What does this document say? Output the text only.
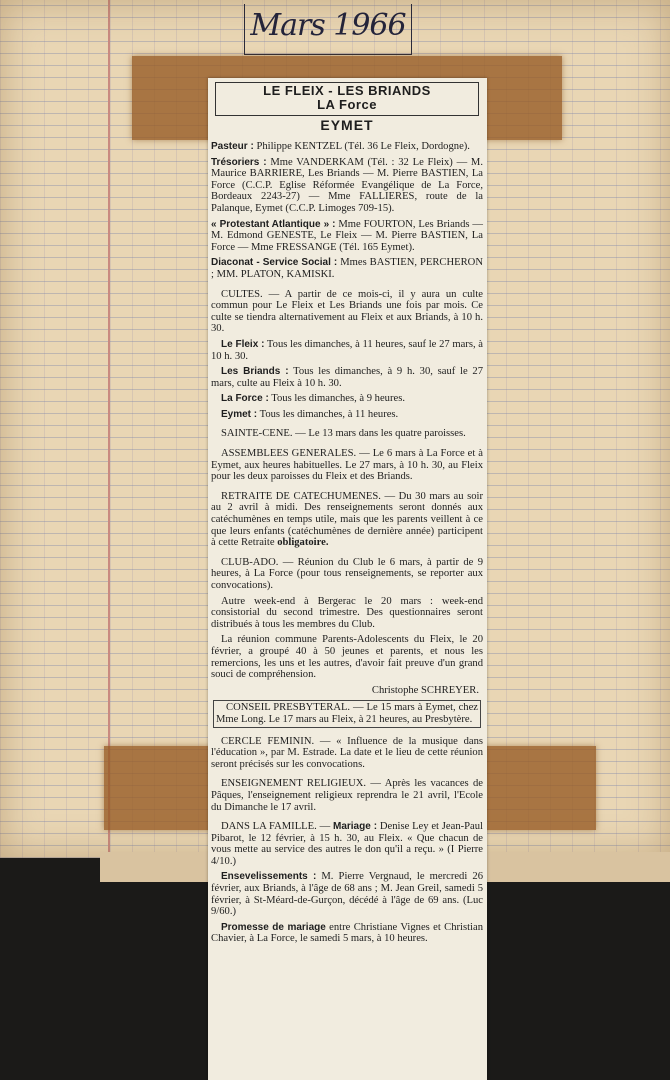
Mars 1966
LE FLEIX - LES BRIANDS
LA Force
EYMET

Pasteur : Philippe KENTZEL (Tél. 36 Le Fleix, Dordogne).

Trésoriers : Mme VANDERKAM (Tél. : 32 Le Fleix) — M. Maurice BARRIERE, Les Briands — M. Pierre BASTIEN, La Force (C.C.P. Eglise Réformée Evangélique de La Force, Bordeaux 2243-27) — Mme FALLIERES, route de la Palanque, Eymet (C.C.P. Limoges 709-15).

« Protestant Atlantique » : Mme FOURTON, Les Briands — M. Edmond GENESTE, Le Fleix — M. Pierre BASTIEN, La Force — Mme FRESSANGE (Tél. 165 Eymet).

Diaconat - Service Social : Mmes BASTIEN, PERCHERON ; MM. PLATON, KAMISKI.

CULTES. — A partir de ce mois-ci, il y aura un culte commun pour Le Fleix et Les Briands une fois par mois. Ce culte se tiendra alternativement au Fleix et aux Briands, à 10 h. 30.

Le Fleix : Tous les dimanches, à 11 heures, sauf le 27 mars, à 10 h. 30.

Les Briands : Tous les dimanches, à 9 h. 30, sauf le 27 mars, culte au Fleix à 10 h. 30.

La Force : Tous les dimanches, à 9 heures.

Eymet : Tous les dimanches, à 11 heures.

SAINTE-CENE. — Le 13 mars dans les quatre paroisses.

ASSEMBLEES GENERALES. — Le 6 mars à La Force et à Eymet, aux heures habituelles. Le 27 mars, à 10 h. 30, au Fleix pour les deux paroisses du Fleix et des Briands.

RETRAITE DE CATECHUMENES. — Du 30 mars au soir au 2 avril à midi. Des renseignements seront donnés aux catéchumènes en temps utile, mais que les parents veillent à ce que leurs enfants (catéchumènes de dernière année) participent à cette Retraite obligatoire.

CLUB-ADO. — Réunion du Club le 6 mars, à partir de 9 heures, à La Force (pour tous renseignements, se reporter aux convocations).

Autre week-end à Bergerac le 20 mars : week-end consistorial du second trimestre. Des questionnaires seront distribués à tous les membres du Club.

La réunion commune Parents-Adolescents du Fleix, le 20 février, a groupé 40 à 50 jeunes et parents, et nous les remercions, les uns et les autres, d'avoir fait preuve d'un grand souci de compréhension.

Christophe SCHREYER.

CONSEIL PRESBYTERAL. — Le 15 mars à Eymet, chez Mme Long. Le 17 mars au Fleix, à 21 heures, au Presbytère.

CERCLE FEMININ. — « Influence de la musique dans l'éducation », par M. Estrade. La date et le lieu de cette réunion seront précisés sur les convocations.

ENSEIGNEMENT RELIGIEUX. — Après les vacances de Pâques, l'enseignement religieux reprendra le 21 avril, l'Ecole du Dimanche le 17 avril.

DANS LA FAMILLE. — Mariage : Denise Ley et Jean-Paul Pibarot, le 12 février, à 15 h. 30, au Fleix. « Que chacun de vous mette au service des autres le don qu'il a reçu. » (I Pierre 4/10.)

Ensevelissements : M. Pierre Vergnaud, le mercredi 26 février, aux Briands, à l'âge de 68 ans ; M. Jean Greil, samedi 5 février, à St-Méard-de-Gurçon, décédé à l'âge de 69 ans. (Luc 9/60.)

Promesse de mariage entre Christiane Vignes et Christian Chavier, à La Force, le samedi 5 mars, à 10 heures.
